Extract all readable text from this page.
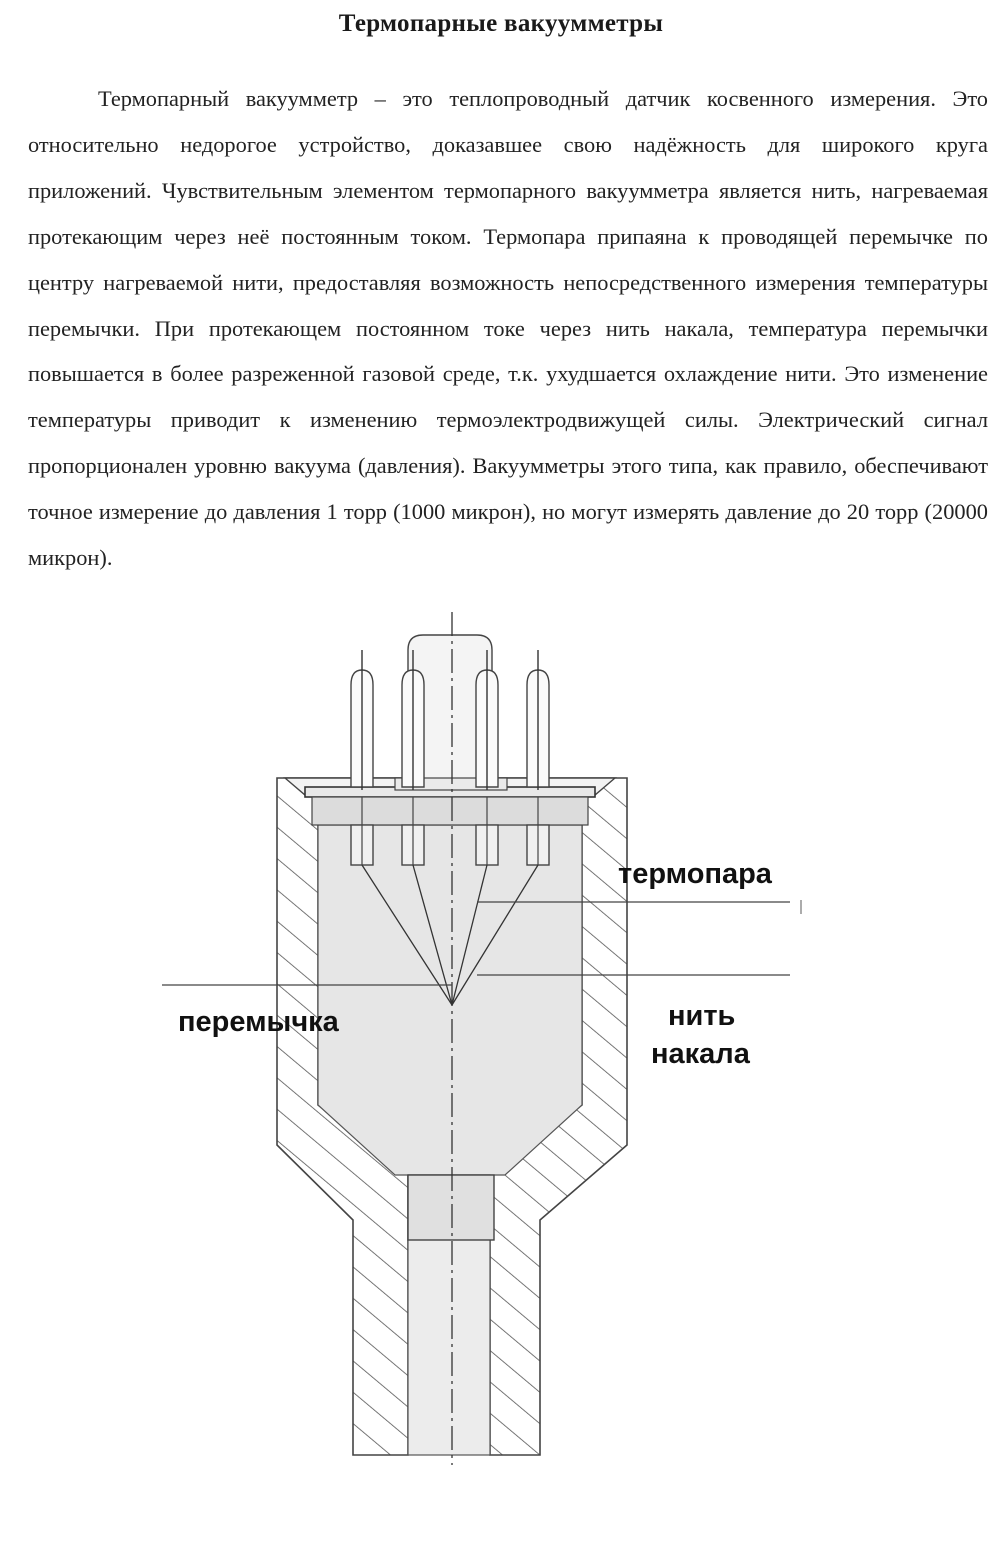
Термопарные вакуумметры

Термопарный вакуумметр – это теплопроводный датчик косвенного измерения. Это относительно недорогое устройство, доказавшее свою надёжность для широкого круга приложений. Чувствительным элементом термопарного вакуумметра является нить, нагреваемая протекающим через неё постоянным током. Термопара припаяна к проводящей перемычке по центру нагреваемой нити, предоставляя возможность непосредственного измерения температуры перемычки. При протекающем постоянном токе через нить накала, температура перемычки повышается в более разреженной газовой среде, т.к. ухудшается охлаждение нити. Это изменение температуры приводит к изменению термоэлектродвижущей силы. Электрический сигнал пропорционален уровню вакуума (давления). Вакуумметры этого типа, как правило, обеспечивают точное измерение до давления 1 торр (1000 микрон), но могут измерять давление до 20 торр (20000 микрон).

термопара
перемычка	нить
накала
